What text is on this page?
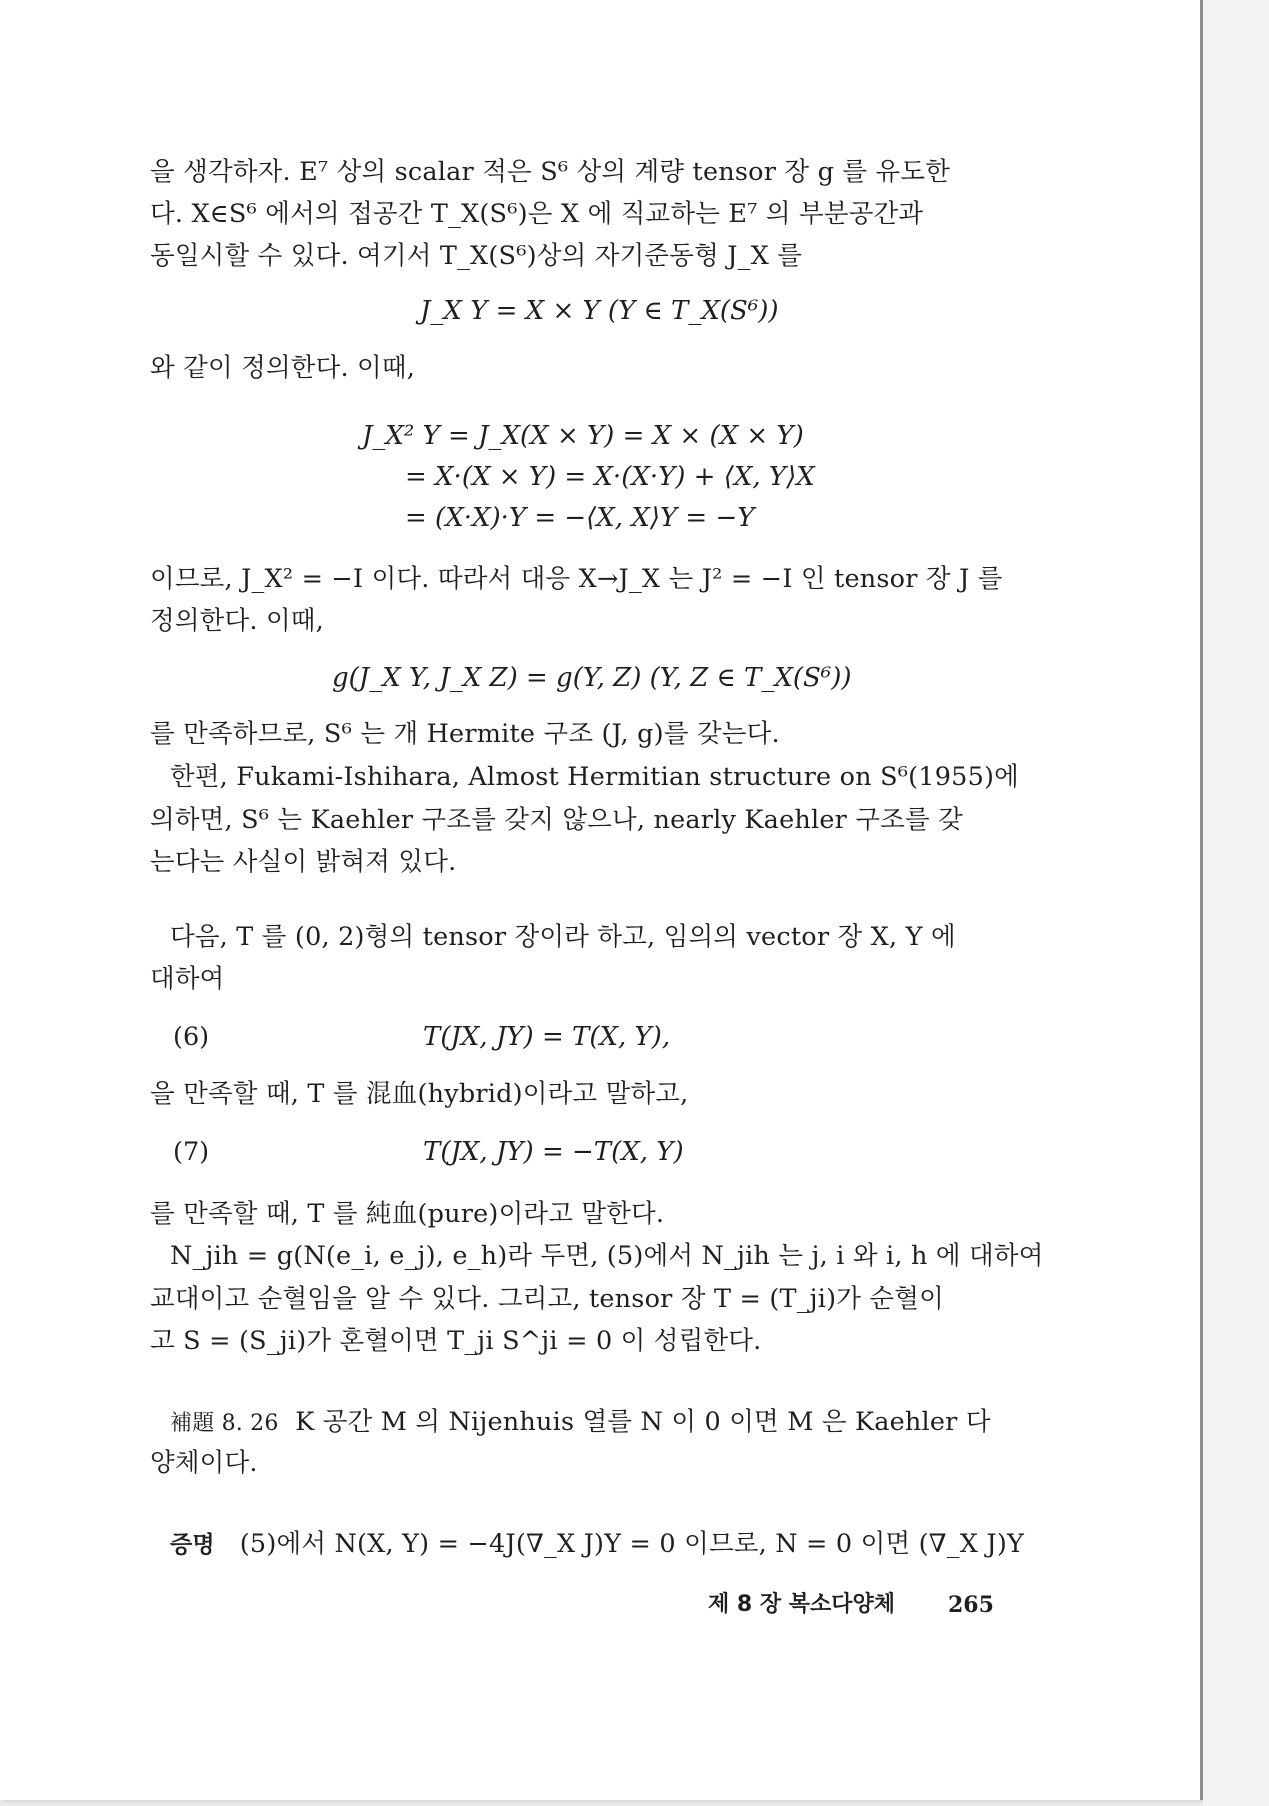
을 생각하자. E⁷ 상의 scalar 적은 S⁶ 상의 계량 tensor 장 g 를 유도한
다. X∈S⁶ 에서의 접공간 T_X(S⁶)은 X 에 직교하는 E⁷ 의 부분공간과
동일시할 수 있다. 여기서 T_X(S⁶)상의 자기준동형 J_X 를
J_X Y = X × Y (Y ∈ T_X(S⁶))
와 같이 정의한다. 이때,
J_X² Y = J_X(X × Y) = X × (X × Y)
= X·(X × Y) = X·(X·Y) + ⟨X, Y⟩X
= (X·X)·Y = −⟨X, X⟩Y = −Y
이므로, J_X² = −I 이다. 따라서 대응 X→J_X 는 J² = −I 인 tensor 장 J 를
정의한다. 이때,
g(J_X Y, J_X Z) = g(Y, Z) (Y, Z ∈ T_X(S⁶))
를 만족하므로, S⁶ 는 개 Hermite 구조 (J, g)를 갖는다.
한편, Fukami-Ishihara, Almost Hermitian structure on S⁶(1955)에
의하면, S⁶ 는 Kaehler 구조를 갖지 않으나, nearly Kaehler 구조를 갖
는다는 사실이 밝혀져 있다.
다음, T 를 (0, 2)형의 tensor 장이라 하고, 임의의 vector 장 X, Y 에
대하여
(6)	T(JX, JY) = T(X, Y),
을 만족할 때, T 를 混血(hybrid)이라고 말하고,
(7)	T(JX, JY) = −T(X, Y)
를 만족할 때, T 를 純血(pure)이라고 말한다.
N_jih = g(N(e_i, e_j), e_h)라 두면, (5)에서 N_jih 는 j, i 와 i, h 에 대하여
교대이고 순혈임을 알 수 있다. 그리고, tensor 장 T = (T_ji)가 순혈이
고 S = (S_ji)가 혼혈이면 T_ji S^ji = 0 이 성립한다.
補題 8. 26 K 공간 M 의 Nijenhuis 열를 N 이 0 이면 M 은 Kaehler 다
양체이다.
증명 (5)에서 N(X, Y) = −4J(∇_X J)Y = 0 이므로, N = 0 이면 (∇_X J)Y
제 8 장 복소다양체 265
